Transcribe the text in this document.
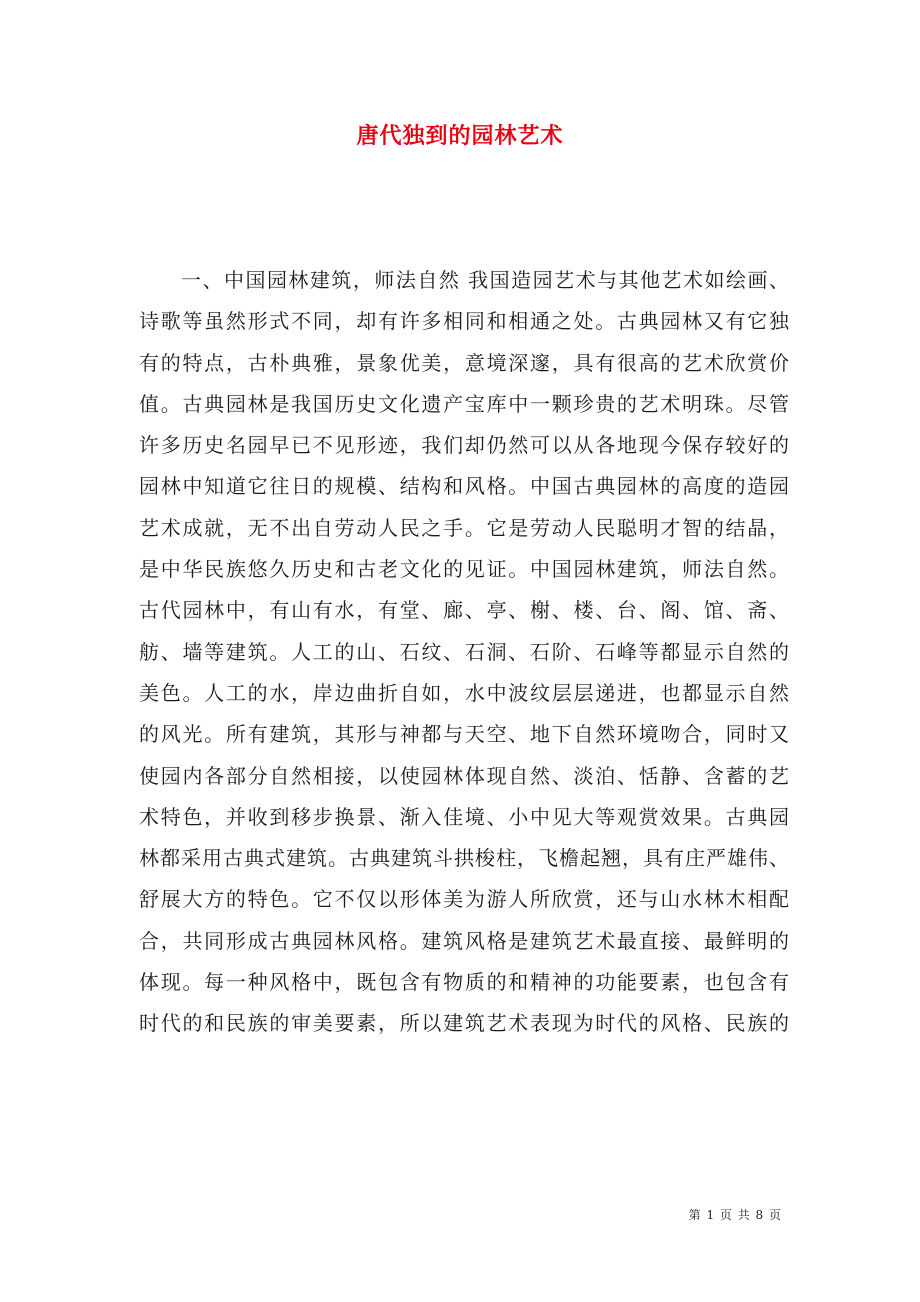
唐代独到的园林艺术
一、中国园林建筑，师法自然 我国造园艺术与其他艺术如绘画、
诗歌等虽然形式不同，却有许多相同和相通之处。古典园林又有它独
有的特点，古朴典雅，景象优美，意境深邃，具有很高的艺术欣赏价
值。古典园林是我国历史文化遗产宝库中一颗珍贵的艺术明珠。尽管
许多历史名园早已不见形迹，我们却仍然可以从各地现今保存较好的
园林中知道它往日的规模、结构和风格。中国古典园林的高度的造园
艺术成就，无不出自劳动人民之手。它是劳动人民聪明才智的结晶，
是中华民族悠久历史和古老文化的见证。中国园林建筑，师法自然。
古代园林中，有山有水，有堂、廊、亭、榭、楼、台、阁、馆、斋、
舫、墙等建筑。人工的山、石纹、石洞、石阶、石峰等都显示自然的
美色。人工的水，岸边曲折自如，水中波纹层层递进，也都显示自然
的风光。所有建筑，其形与神都与天空、地下自然环境吻合，同时又
使园内各部分自然相接，以使园林体现自然、淡泊、恬静、含蓄的艺
术特色，并收到移步换景、渐入佳境、小中见大等观赏效果。古典园
林都采用古典式建筑。古典建筑斗拱梭柱，飞檐起翘，具有庄严雄伟、
舒展大方的特色。它不仅以形体美为游人所欣赏，还与山水林木相配
合，共同形成古典园林风格。建筑风格是建筑艺术最直接、最鲜明的
体现。每一种风格中，既包含有物质的和精神的功能要素，也包含有
时代的和民族的审美要素，所以建筑艺术表现为时代的风格、民族的
第 1 页 共 8 页
